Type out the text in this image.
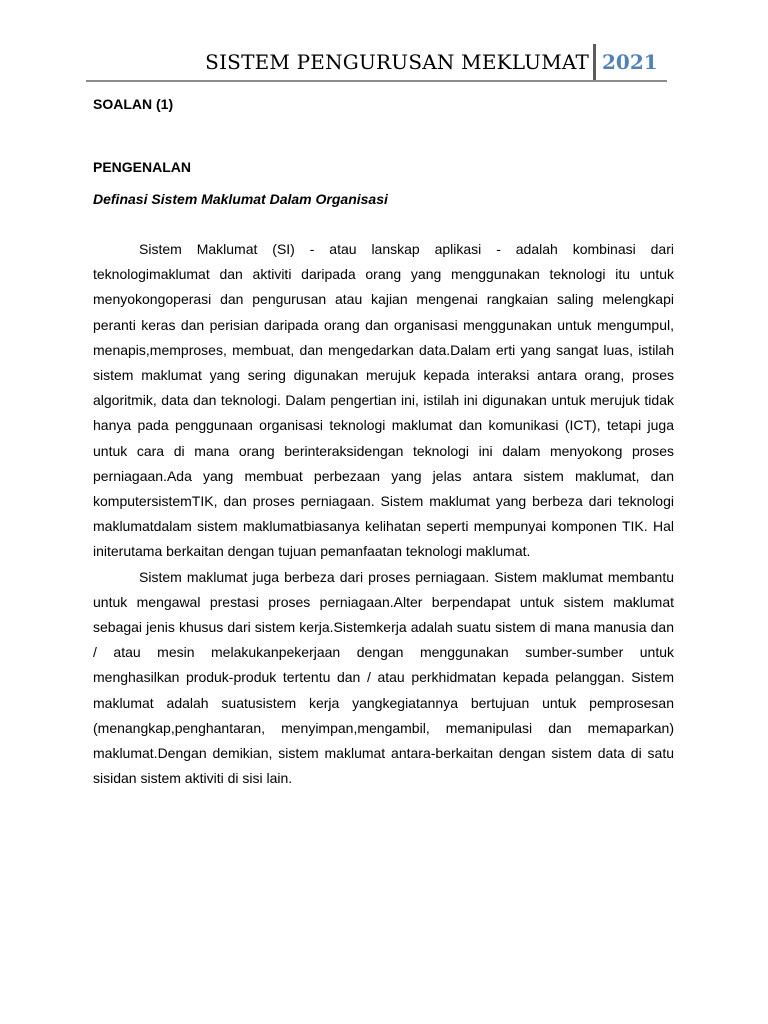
SISTEM PENGURUSAN MEKLUMAT 2021
SOALAN (1)
PENGENALAN
Definasi Sistem Maklumat Dalam Organisasi

Sistem Maklumat (SI) - atau lanskap aplikasi - adalah kombinasi dari teknologimaklumat dan aktiviti daripada orang yang menggunakan teknologi itu untuk menyokongoperasi dan pengurusan atau kajian mengenai rangkaian saling melengkapi peranti keras dan perisian daripada orang dan organisasi menggunakan untuk mengumpul, menapis,memproses, membuat, dan mengedarkan data.Dalam erti yang sangat luas, istilah sistem maklumat yang sering digunakan merujuk kepada interaksi antara orang, proses algoritmik, data dan teknologi. Dalam pengertian ini, istilah ini digunakan untuk merujuk tidak hanya pada penggunaan organisasi teknologi maklumat dan komunikasi (ICT), tetapi juga untuk cara di mana orang berinteraksidengan teknologi ini dalam menyokong proses perniagaan.Ada yang membuat perbezaan yang jelas antara sistem maklumat, dan komputersistemTIK, dan proses perniagaan. Sistem maklumat yang berbeza dari teknologi maklumatdalam sistem maklumatbiasanya kelihatan seperti mempunyai komponen TIK. Hal initerutama berkaitan dengan tujuan pemanfaatan teknologi maklumat.

Sistem maklumat juga berbeza dari proses perniagaan. Sistem maklumat membantu untuk mengawal prestasi proses perniagaan.Alter berpendapat untuk sistem maklumat sebagai jenis khusus dari sistem kerja.Sistemkerja adalah suatu sistem di mana manusia dan / atau mesin melakukanpekerjaan dengan menggunakan sumber-sumber untuk menghasilkan produk-produk tertentu dan / atau perkhidmatan kepada pelanggan. Sistem maklumat adalah suatusistem kerja yangkegiatannya bertujuan untuk pemprosesan (menangkap,penghantaran, menyimpan,mengambil, memanipulasi dan memaparkan) maklumat.Dengan demikian, sistem maklumat antara-berkaitan dengan sistem data di satu sisidan sistem aktiviti di sisi lain.
